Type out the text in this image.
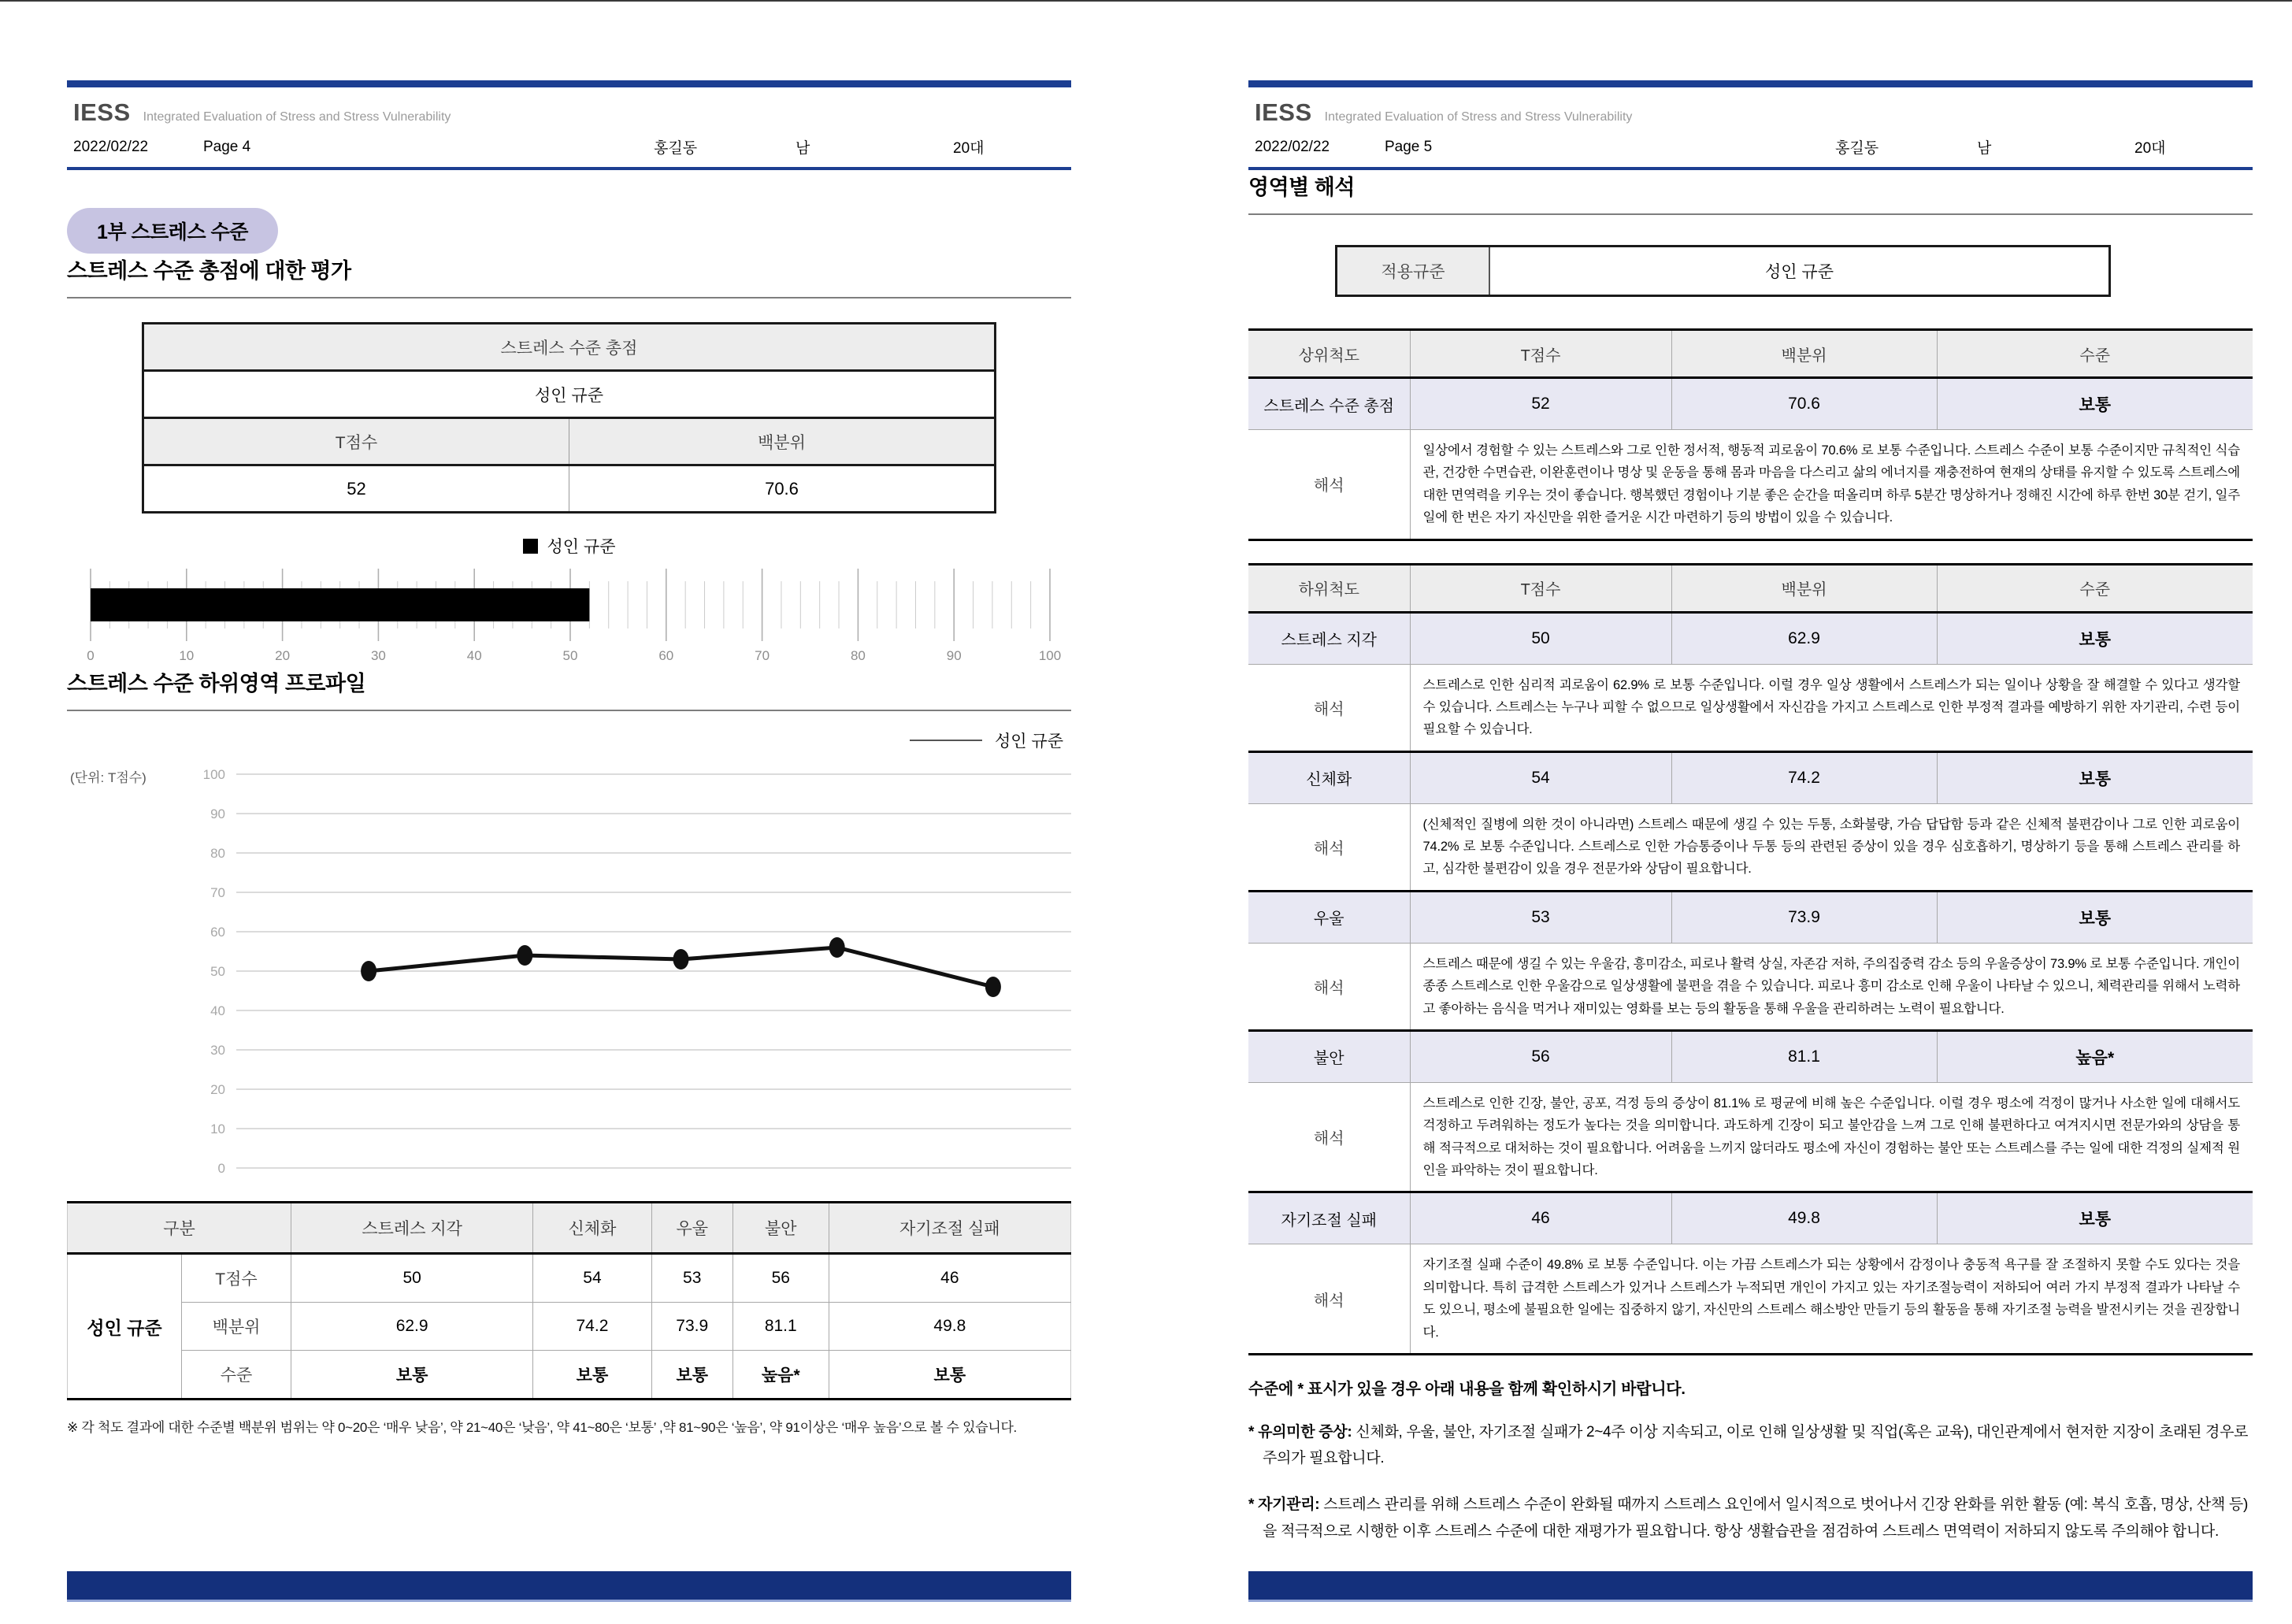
IESS Integrated Evaluation of Stress and Stress Vulnerability
2022/02/22	Page 4	홍길동	남	20대
1부 스트레스 수준
스트레스 수준 총점에 대한 평가
스트레스 수준 총점	
성인 규준	
T점수	백분위
52	70.6
성인 규준
0	10	20	30	40	50	60	70	80	90	100
스트레스 수준 하위영역 프로파일
성인 규준
(단위: T점수)	100
90
80
70
60
50
40
30
20
10
0
구분		스트레스 지각	신체화	우울	불안	자기조절 실패
성인 규준	T점수	50	54	53	56	46
	백분위	62.9	74.2	73.9	81.1	49.8
	수준	보통	보통	보통	높음*	보통
※ 각 척도 결과에 대한 수준별 백분위 범위는 약 0~20은 ‘매우 낮음’, 약 21~40은 ‘낮음’, 약 41~80은 ‘보통’ ,약 81~90은 ‘높음’, 약 91이상은 ‘매우 높음’으로 볼 수 있습니다.
IESS Integrated Evaluation of Stress and Stress Vulnerability
2022/02/22	Page 5	홍길동	남	20대
영역별 해석
적용규준	성인 규준
상위척도	T점수	백분위	수준
스트레스 수준 총점	52	70.6	보통
해석	일상에서 경험할 수 있는 스트레스와 그로 인한 정서적, 행동적 괴로움이 70.6% 로 보통 수준입니다. 스트레스 수준이 보통 수준이지만 규칙적인 식습관, 건강한 수면습관, 이완훈련이나 명상 및 운동을 통해 몸과 마음을 다스리고 삶의 에너지를 재충전하여 현재의 상태를 유지할 수 있도록 스트레스에 대한 면역력을 키우는 것이 좋습니다. 행복했던 경험이나 기분 좋은 순간을 떠올리며 하루 5분간 명상하거나 정해진 시간에 하루 한번 30분 걷기, 일주일에 한 번은 자기 자신만을 위한 즐거운 시간 마련하기 등의 방법이 있을 수 있습니다.		
하위척도	T점수	백분위	수준
스트레스 지각	50	62.9	보통
해석	스트레스로 인한 심리적 괴로움이 62.9% 로 보통 수준입니다. 이럴 경우 일상 생활에서 스트레스가 되는 일이나 상황을 잘 해결할 수 있다고 생각할 수 있습니다. 스트레스는 누구나 피할 수 없으므로 일상생활에서 자신감을 가지고 스트레스로 인한 부정적 결과를 예방하기 위한 자기관리, 수련 등이 필요할 수 있습니다.		
신체화	54	74.2	보통
해석	(신체적인 질병에 의한 것이 아니라면) 스트레스 때문에 생길 수 있는 두통, 소화불량, 가슴 답답함 등과 같은 신체적 불편감이나 그로 인한 괴로움이 74.2% 로 보통 수준입니다. 스트레스로 인한 가슴통증이나 두통 등의 관련된 증상이 있을 경우 심호흡하기, 명상하기 등을 통해 스트레스 관리를 하고, 심각한 불편감이 있을 경우 전문가와 상담이 필요합니다.		
우울	53	73.9	보통
해석	스트레스 때문에 생길 수 있는 우울감, 흥미감소, 피로나 활력 상실, 자존감 저하, 주의집중력 감소 등의 우울증상이 73.9% 로 보통 수준입니다. 개인이 종종 스트레스로 인한 우울감으로 일상생활에 불편을 겪을 수 있습니다. 피로나 흥미 감소로 인해 우울이 나타날 수 있으니, 체력관리를 위해서 노력하고 좋아하는 음식을 먹거나 재미있는 영화를 보는 등의 활동을 통해 우울을 관리하려는 노력이 필요합니다.		
불안	56	81.1	높음*
해석	스트레스로 인한 긴장, 불안, 공포, 걱정 등의 증상이 81.1% 로 평균에 비해 높은 수준입니다. 이럴 경우 평소에 걱정이 많거나 사소한 일에 대해서도 걱정하고 두려워하는 정도가 높다는 것을 의미합니다. 과도하게 긴장이 되고 불안감을 느껴 그로 인해 불편하다고 여겨지시면 전문가와의 상담을 통해 적극적으로 대처하는 것이 필요합니다. 어려움을 느끼지 않더라도 평소에 자신이 경험하는 불안 또는 스트레스를 주는 일에 대한 걱정의 실제적 원인을 파악하는 것이 필요합니다.		
자기조절 실패	46	49.8	보통
해석	자기조절 실패 수준이 49.8% 로 보통 수준입니다. 이는 가끔 스트레스가 되는 상황에서 감정이나 충동적 욕구를 잘 조절하지 못할 수도 있다는 것을 의미합니다. 특히 급격한 스트레스가 있거나 스트레스가 누적되면 개인이 가지고 있는 자기조절능력이 저하되어 여러 가지 부정적 결과가 나타날 수도 있으니, 평소에 불필요한 일에는 집중하지 않기, 자신만의 스트레스 해소방안 만들기 등의 활동을 통해 자기조절 능력을 발전시키는 것을 권장합니다.		
수준에 * 표시가 있을 경우 아래 내용을 함께 확인하시기 바랍니다.

* 유의미한 증상: 신체화, 우울, 불안, 자기조절 실패가 2~4주 이상 지속되고, 이로 인해 일상생활 및 직업(혹은 교육), 대인관계에서 현저한 지장이 초래된 경우로 주의가 필요합니다.

* 자기관리: 스트레스 관리를 위해 스트레스 수준이 완화될 때까지 스트레스 요인에서 일시적으로 벗어나서 긴장 완화를 위한 활동 (예: 복식 호흡, 명상, 산책 등)을 적극적으로 시행한 이후 스트레스 수준에 대한 재평가가 필요합니다. 항상 생활습관을 점검하여 스트레스 면역력이 저하되지 않도록 주의해야 합니다.
